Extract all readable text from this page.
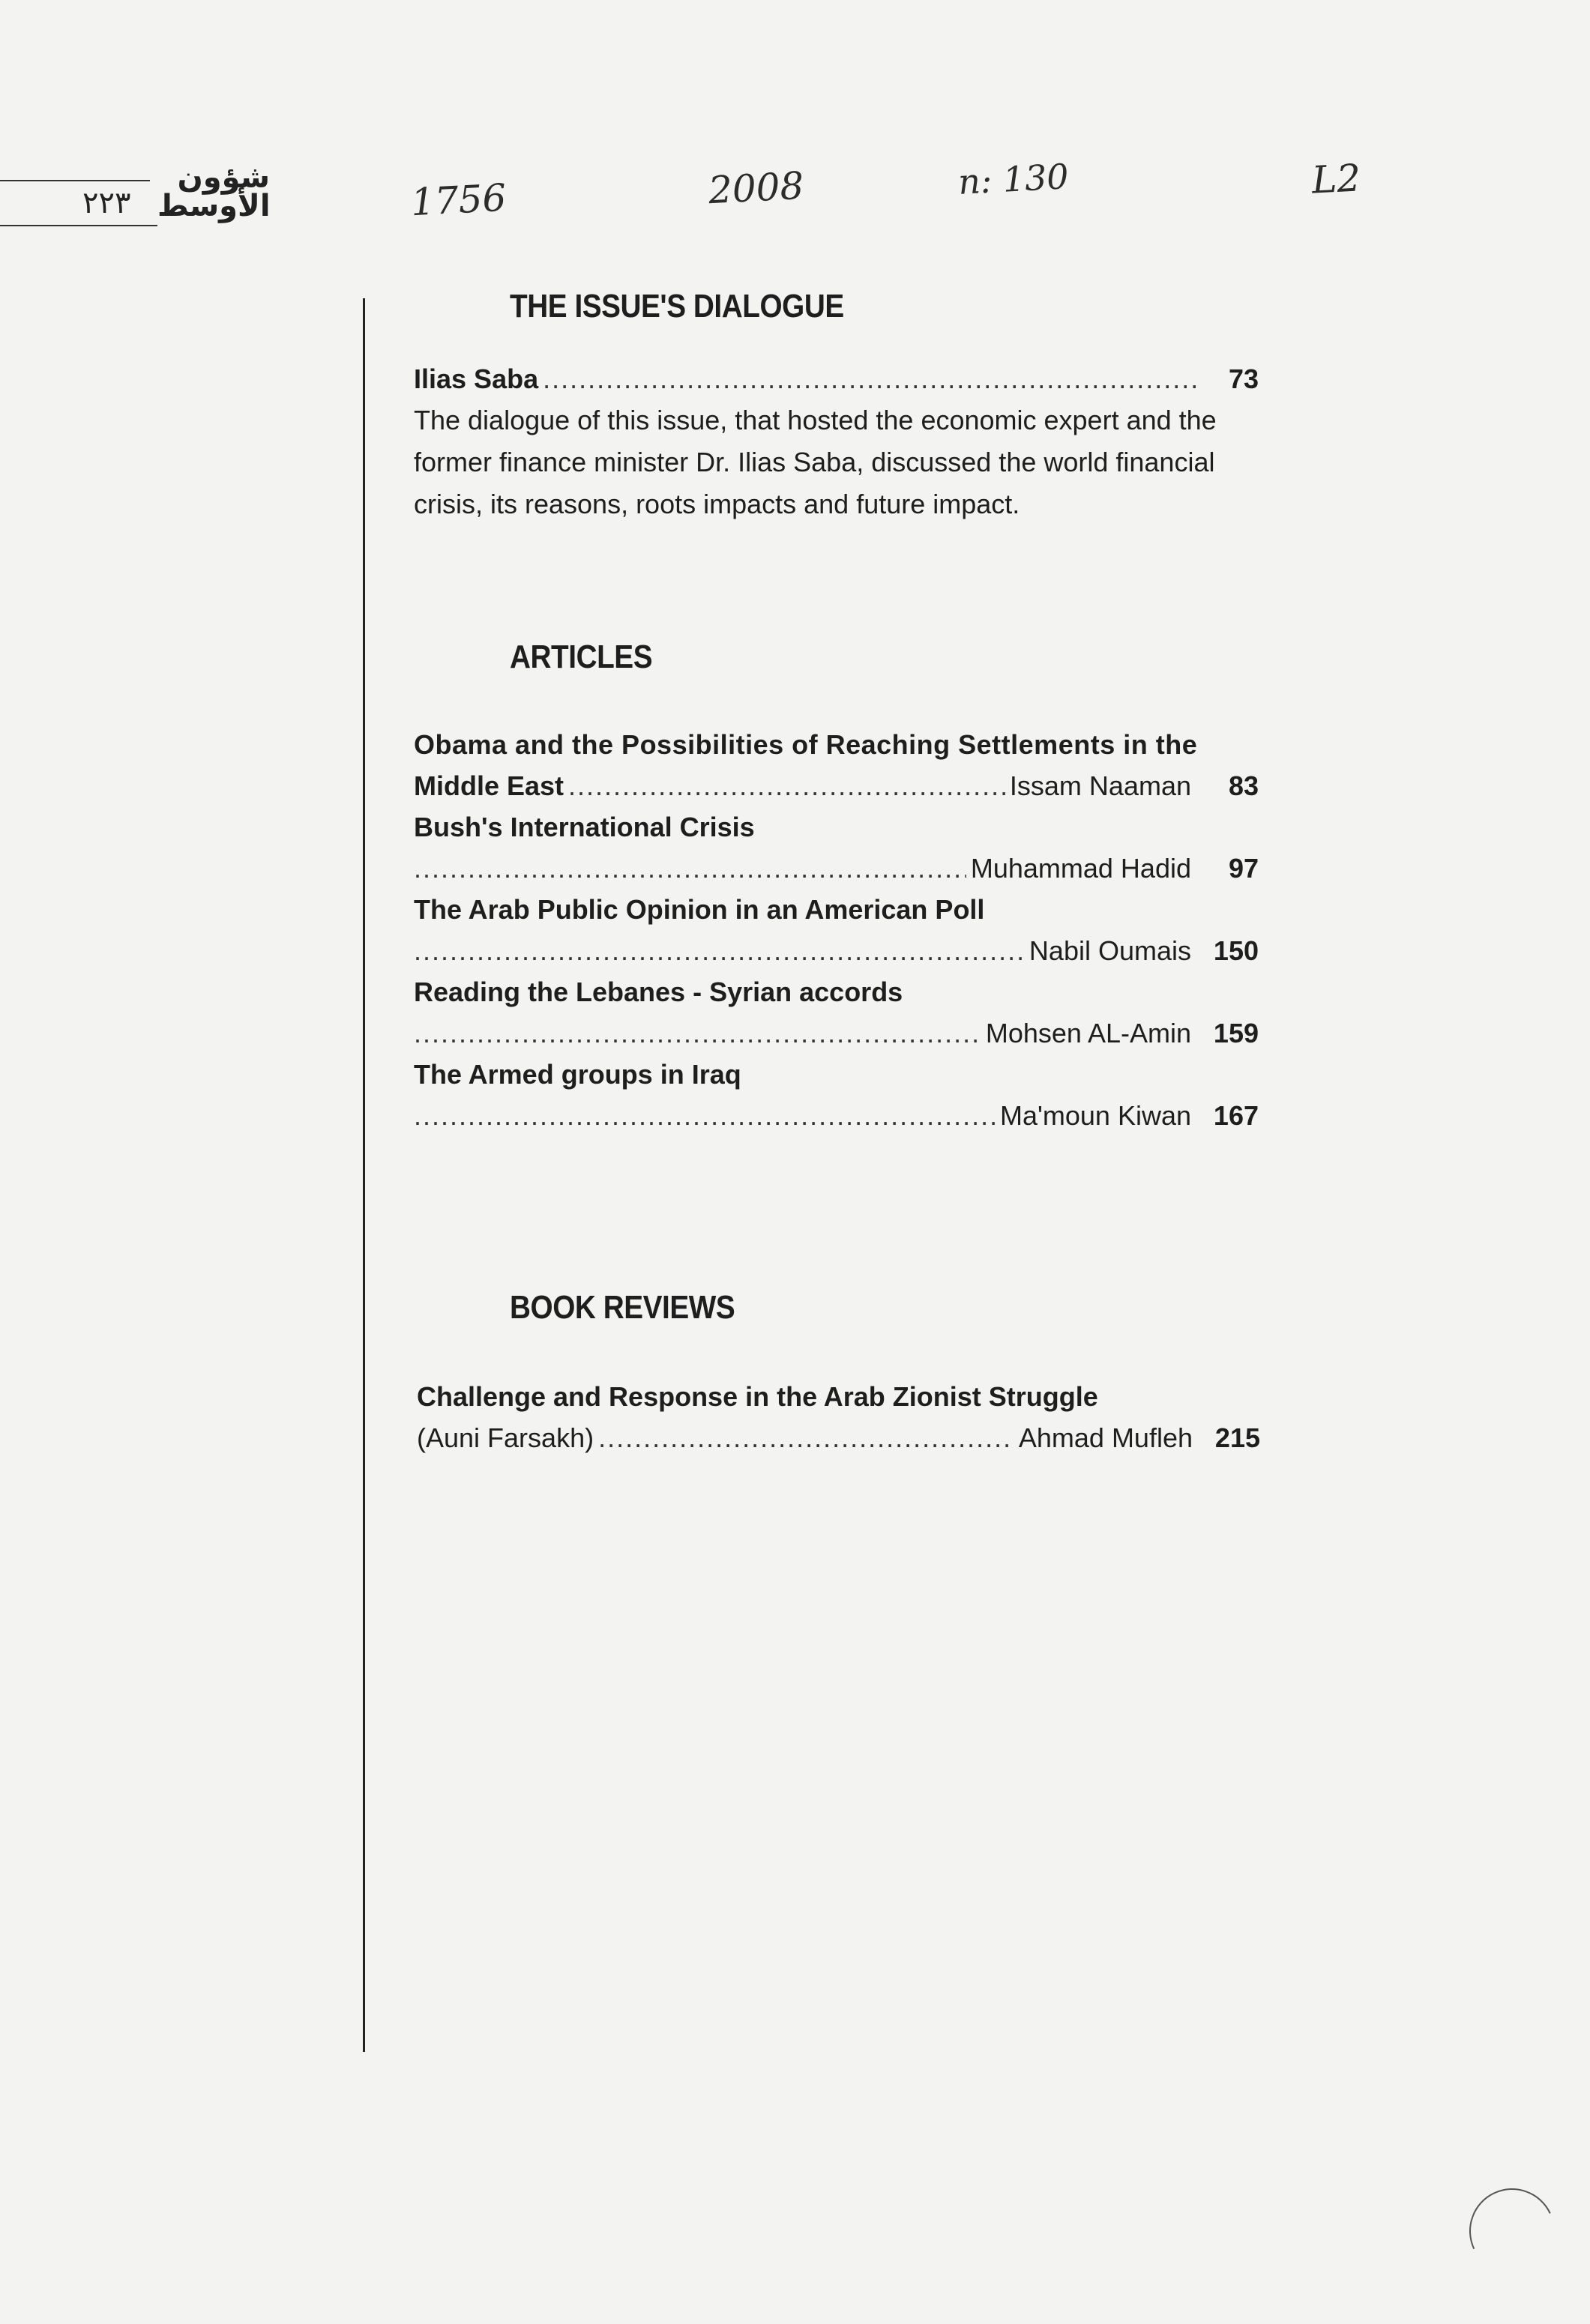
٢٢٣
شؤون الأوسط	1756	2008	n: 130	L2
THE ISSUE'S DIALOGUE
Ilias Saba .....	73
The dialogue of this issue, that hosted the economic expert and the
former finance minister Dr. Ilias Saba, discussed the world financial
crisis, its reasons, roots impacts and future impact.
ARTICLES
Obama and the Possibilities of Reaching Settlements in the
Middle East .....	Issam Naaman	83
Bush's International Crisis
.....
Muhammad Hadid	97
The Arab Public Opinion in an American Poll
.....
Nabil Oumais 150
Reading the Lebanes - Syrian accords
.....
Mohsen AL-Amin 159
The Armed groups in Iraq
.....
Ma'moun Kiwan 167
BOOK REVIEWS
Challenge and Response in the Arab Zionist Struggle
(Auni Farsakh) .....	Ahmad Mufleh 215
